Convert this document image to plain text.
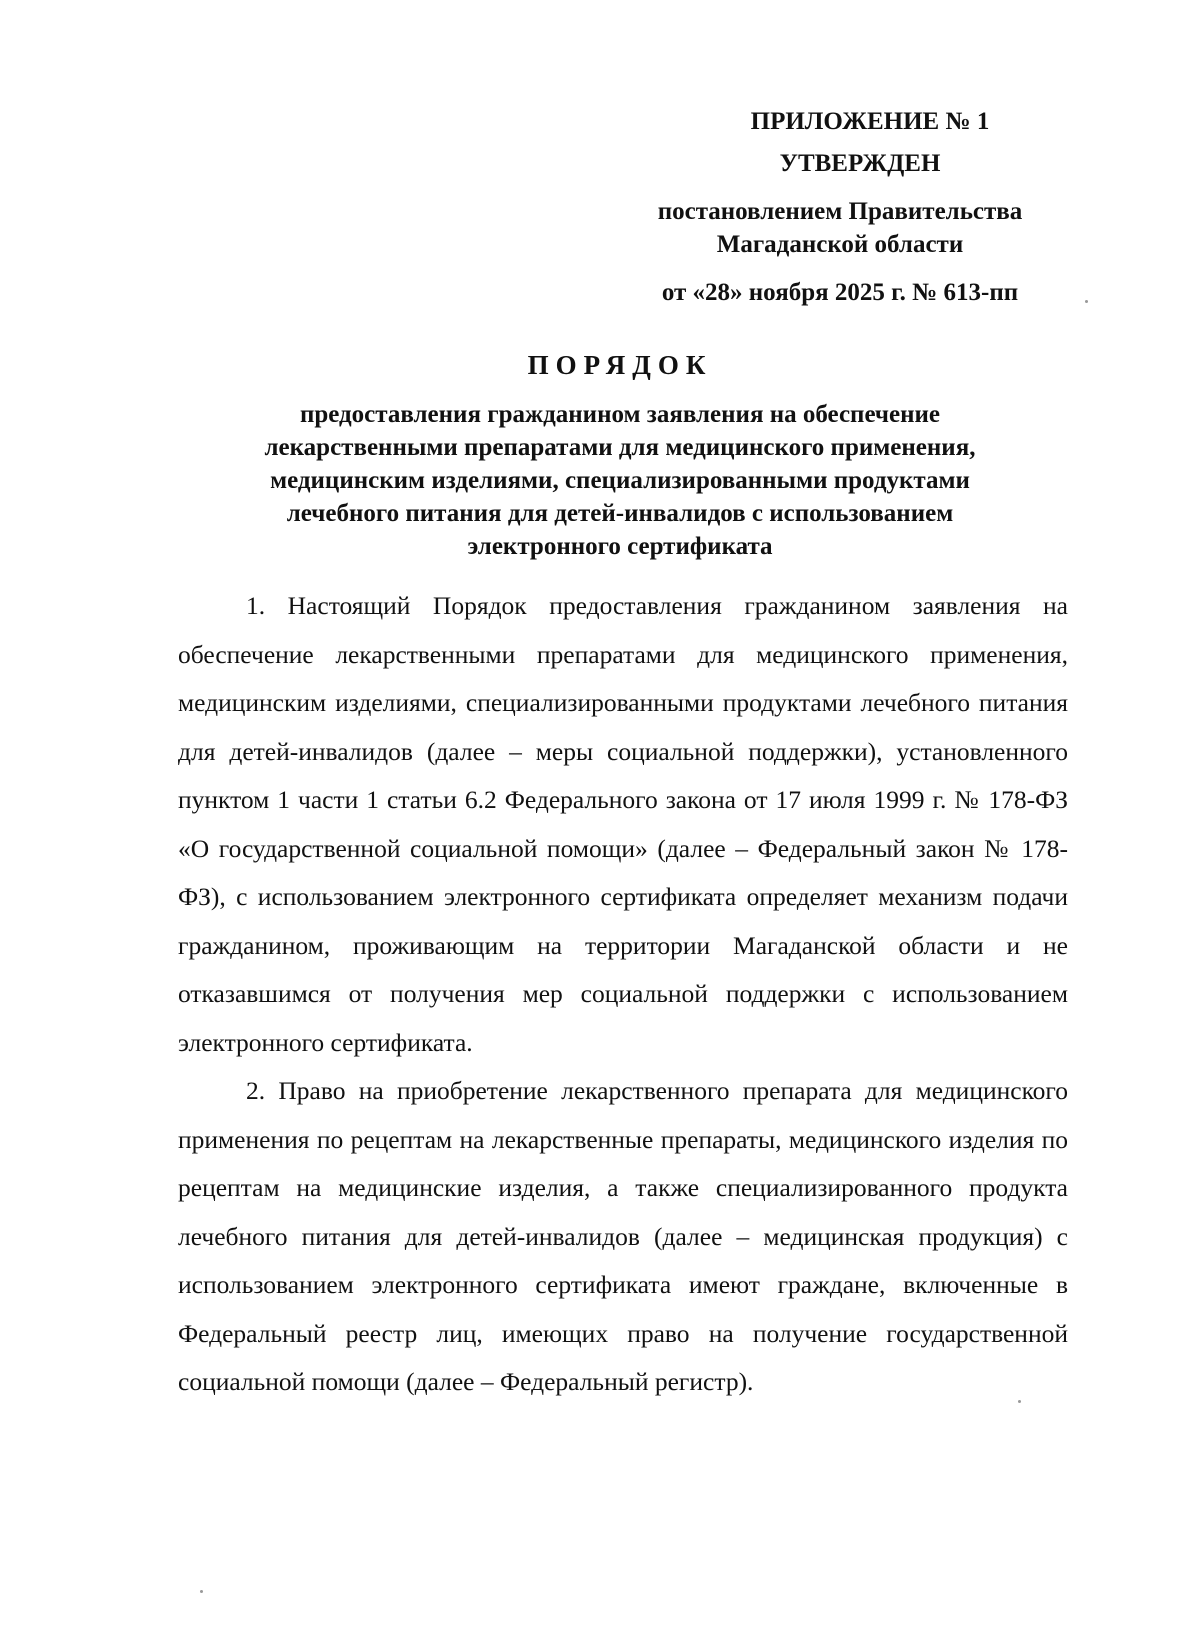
ПРИЛОЖЕНИЕ № 1
УТВЕРЖДЕН
постановлением Правительства
Магаданской области
от «28» ноября 2025 г. № 613-пп
ПОРЯДОК
предоставления гражданином заявления на обеспечение
лекарственными препаратами для медицинского применения,
медицинским изделиями, специализированными продуктами
лечебного питания для детей-инвалидов с использованием
электронного сертификата

1. Настоящий Порядок предоставления гражданином заявления на обеспечение лекарственными препаратами для медицинского применения, медицинским изделиями, специализированными продуктами лечебного питания для детей-инвалидов (далее – меры социальной поддержки), установленного пунктом 1 части 1 статьи 6.2 Федерального закона от 17 июля 1999 г. № 178-ФЗ «О государственной социальной помощи» (далее – Федеральный закон № 178-ФЗ), с использованием электронного сертификата определяет механизм подачи гражданином, проживающим на территории Магаданской области и не отказавшимся от получения мер социальной поддержки с использованием электронного сертификата.

2. Право на приобретение лекарственного препарата для медицинского применения по рецептам на лекарственные препараты, медицинского изделия по рецептам на медицинские изделия, а также специализированного продукта лечебного питания для детей-инвалидов (далее – медицинская продукция) с использованием электронного сертификата имеют граждане, включенные в Федеральный реестр лиц, имеющих право на получение государственной социальной помощи (далее – Федеральный регистр).
